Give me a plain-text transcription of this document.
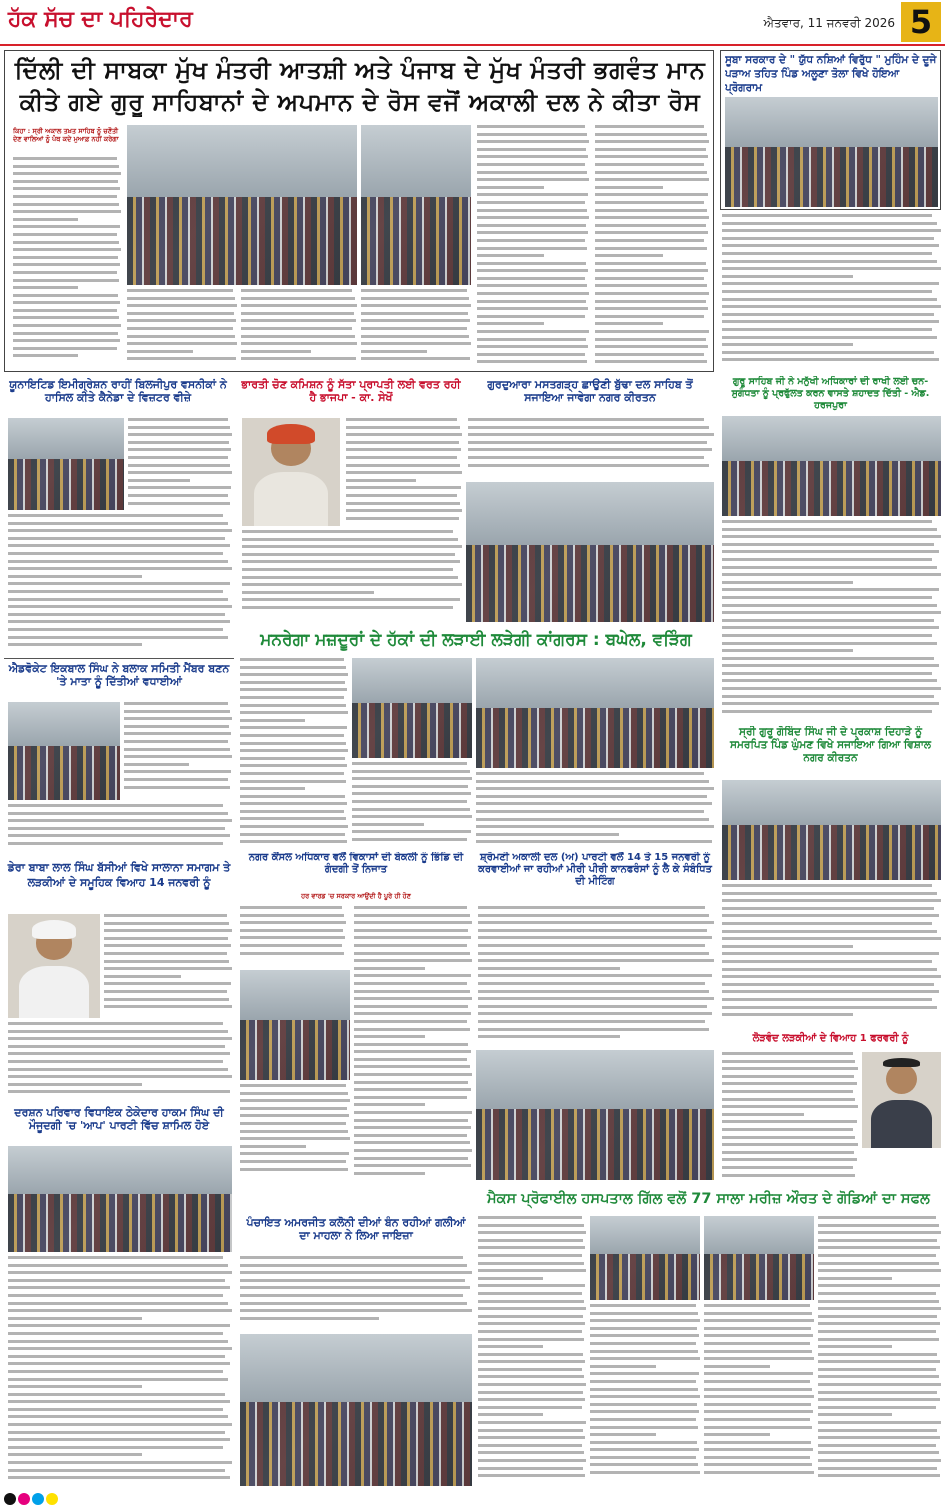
ਹੱਕ ਸੱਚ ਦਾ ਪਹਿਰੇਦਾਰ	ਐਤਵਾਰ, 11 ਜਨਵਰੀ 2026 5
ਦਿੱਲੀ ਦੀ ਸਾਬਕਾ ਮੁੱਖ ਮੰਤਰੀ ਆਤਸ਼ੀ ਅਤੇ ਪੰਜਾਬ ਦੇ ਮੁੱਖ ਮੰਤਰੀ ਭਗਵੰਤ ਮਾਨ
ਕੀਤੇ ਗਏ ਗੁਰੂ ਸਾਹਿਬਾਨਾਂ ਦੇ ਅਪਮਾਨ ਦੇ ਰੋਸ ਵਜੋਂ ਅਕਾਲੀ ਦਲ ਨੇ ਕੀਤਾ ਰੋਸ
ਕਿਹਾ : ਸ੍ਰੀ ਅਕਾਲ ਤਖ਼ਤ ਸਾਹਿਬ ਨੂੰ ਚਣੌਤੀ ਦੇਣ ਵਾਲਿਆਂ ਨੂੰ ਪੰਥ ਕਦੇ ਮੁਆਫ਼ ਨਹੀਂ ਕਰੇਗਾ
ਸੂਬਾ ਸਰਕਾਰ ਦੇ " ਯੁੱਧ ਨਸ਼ਿਆਂ ਵਿਰੁੱਧ " ਮੁਹਿੰਮ ਦੇ ਦੂਜੇ ਪੜਾਅ ਤਹਿਤ ਪਿੰਡ ਅਲੂਣਾ ਤੋਲਾ ਵਿਖੇ ਹੋਇਆ ਪ੍ਰੋਗਰਾਮ
ਯੂਨਾਇਟਿਡ ਇਮੀਗ੍ਰੇਸ਼ਨ ਰਾਹੀਂ ਬਿਲਜੀਪੁਰ ਵਸਨੀਕਾਂ ਨੇ ਹਾਸਿਲ ਕੀਤੇ ਕੈਨੇਡਾ ਦੇ ਵਿਜ਼ਟਰ ਵੀਜ਼ੇ
ਭਾਰਤੀ ਚੋਣ ਕਮਿਸ਼ਨ ਨੂੰ ਸੱਤਾ ਪ੍ਰਾਪਤੀ ਲਈ ਵਰਤ ਰਹੀ ਹੈ ਭਾਜਪਾ - ਕਾ. ਸੇਖੋਂ
ਗੁਰਦੁਆਰਾ ਮਸਤਗੜ੍ਹ ਛਾਉਣੀ ਬੁੱਢਾ ਦਲ ਸਾਹਿਬ ਤੋਂ ਸਜਾਇਆ ਜਾਵੇਗਾ ਨਗਰ ਕੀਰਤਨ
ਗੁਰੂ ਸਾਹਿਬ ਜੀ ਨੇ ਮਨੁੱਖੀ ਅਧਿਕਾਰਾਂ ਦੀ ਰਾਖੀ ਲਈ ਚਨ-ਸੁਗੰਧਤਾ ਨੂੰ ਪ੍ਰਫੁੱਲਤ ਕਰਨ ਵਾਸਤੇ ਸ਼ਹਾਦਤ ਦਿੱਤੀ - ਐਡ. ਹਰਜਪੁਰਾ
ਮਨਰੇਗਾ ਮਜ਼ਦੂਰਾਂ ਦੇ ਹੱਕਾਂ ਦੀ ਲੜਾਈ ਲੜੇਗੀ ਕਾਂਗਰਸ : ਬਘੇਲ, ਵੜਿੰਗ
ਐਡਵੋਕੇਟ ਇਕਬਾਲ ਸਿੰਘ ਨੇ ਬਲਾਕ ਸਮਿਤੀ ਮੈਂਬਰ ਬਣਨ 'ਤੇ ਮਾਤਾ ਨੂੰ ਦਿੱਤੀਆਂ ਵਧਾਈਆਂ
ਡੇਰਾ ਬਾਬਾ ਲਾਲ ਸਿੰਘ ਬੱਸੀਆਂ ਵਿਖੇ ਸਾਲਾਨਾ ਸਮਾਗਮ ਤੇ ਲੜਕੀਆਂ ਦੇ ਸਮੂਹਿਕ ਵਿਆਹ 14 ਜਨਵਰੀ ਨੂੰ
ਸ਼੍ਰੋਮਣੀ ਅਕਾਲੀ ਦਲ (ਅ) ਪਾਰਟੀ ਵਲੋਂ 14 ਤੇ 15 ਜਨਵਰੀ ਨੂੰ ਕਰਵਾਈਆਂ ਜਾ ਰਹੀਆਂ ਮੀਰੀ ਪੀਰੀ ਕਾਨਫਰੰਸਾਂ ਨੂੰ ਲੈ ਕੇ ਸੰਬੰਧਿਤ ਦੀ ਮੀਟਿੰਗ
ਨਗਰ ਕੌਂਸਲ ਅਧਿਕਾਰ ਵਲੋਂ ਵਿਕਾਸਾਂ ਦੀ ਬੇਕਲੀ ਨੂੰ ਭਿੰਡਿ ਦੀ ਗੰਦਗੀ ਤੋਂ ਨਿਜਾਤ
ਹਰ ਵਾਰਡ 'ਚ ਸਰਕਾਰ ਆਉਂਦੀ ਹੈ ਪੂਰੇ ਹੀ ਹੋਣ
ਸ੍ਰੀ ਗੁਰੂ ਗੋਬਿੰਦ ਸਿੰਘ ਜੀ ਦੇ ਪ੍ਰਕਾਸ਼ ਦਿਹਾੜੇ ਨੂੰ ਸਮਰਪਿਤ ਪਿੰਡ ਘੁੰਮਣ ਵਿਖੇ ਸਜਾਇਆ ਗਿਆ ਵਿਸ਼ਾਲ ਨਗਰ ਕੀਰਤਨ
ਲੋੜਵੰਦ ਲੜਕੀਆਂ ਦੇ ਵਿਆਹ 1 ਫਰਵਰੀ ਨੂੰ
ਦਰਸ਼ਨ ਪਰਿਵਾਰ ਵਿਧਾਇਕ ਠੇਕੇਦਾਰ ਹਾਕਮ ਸਿੰਘ ਦੀ ਮੌਜੂਦਗੀ 'ਚ 'ਆਪ' ਪਾਰਟੀ ਵਿੱਚ ਸ਼ਾਮਿਲ ਹੋਏ
ਮੈਕਸ ਪ੍ਰੋਫਾਈਲ ਹਸਪਤਾਲ ਗਿੱਲ ਵਲੋਂ 77 ਸਾਲਾ ਮਰੀਜ਼ ਔਰਤ ਦੇ ਗੋਡਿਆਂ ਦਾ ਸਫਲ
ਪੰਚਾਇਤ ਅਮਰਜੀਤ ਕਲੋਨੀ ਦੀਆਂ ਬੰਨ ਰਹੀਆਂ ਗਲੀਆਂ ਦਾ ਮਾਹਲਾ ਨੇ ਲਿਆ ਜਾਇਜ਼ਾ
